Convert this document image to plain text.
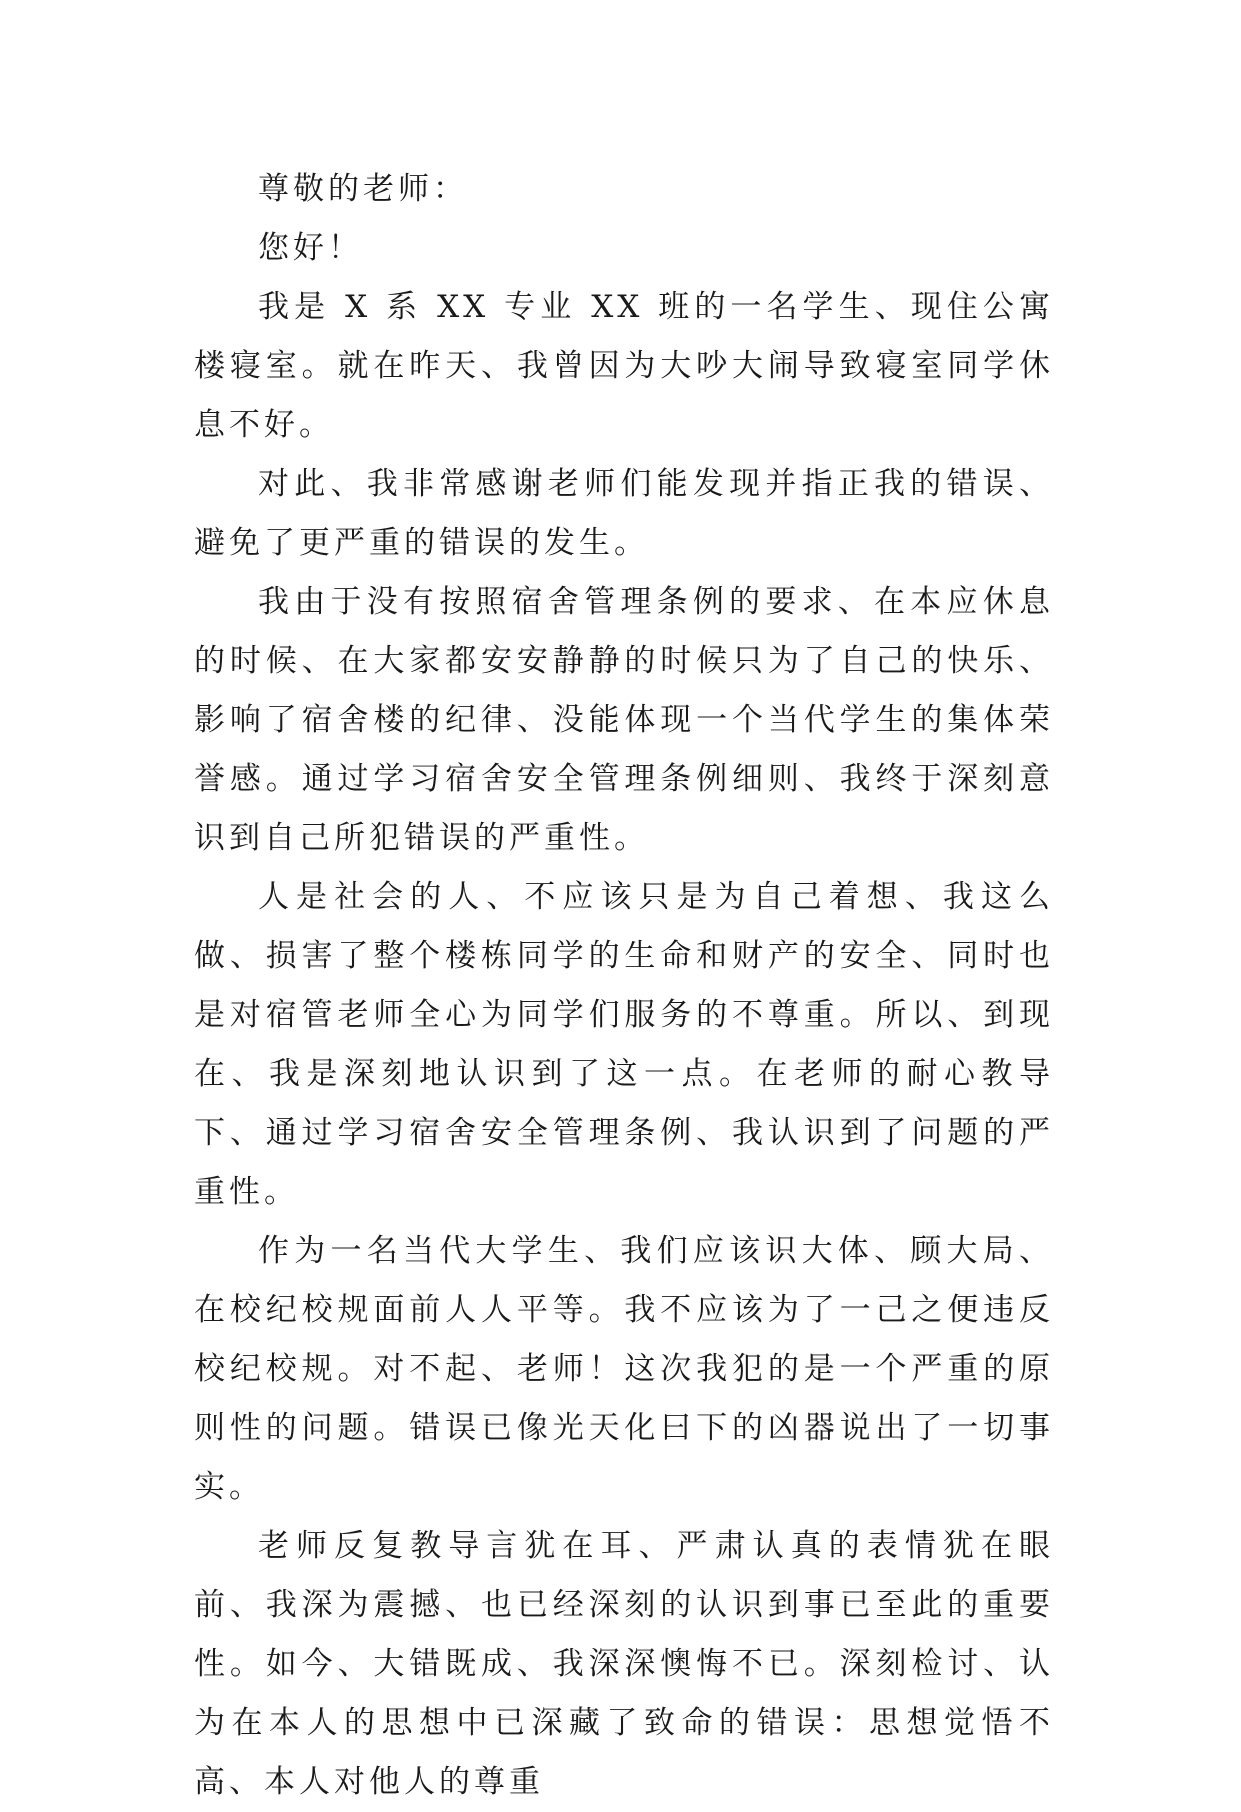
尊敬的老师：

您好！

我是 X 系 XX 专业 XX 班的一名学生、现住公寓楼寝室。就在昨天、我曾因为大吵大闹导致寝室同学休息不好。

对此、我非常感谢老师们能发现并指正我的错误、避免了更严重的错误的发生。

我由于没有按照宿舍管理条例的要求、在本应休息的时候、在大家都安安静静的时候只为了自己的快乐、影响了宿舍楼的纪律、没能体现一个当代学生的集体荣誉感。通过学习宿舍安全管理条例细则、我终于深刻意识到自己所犯错误的严重性。

人是社会的人、不应该只是为自己着想、我这么做、损害了整个楼栋同学的生命和财产的安全、同时也是对宿管老师全心为同学们服务的不尊重。所以、到现在、我是深刻地认识到了这一点。在老师的耐心教导下、通过学习宿舍安全管理条例、我认识到了问题的严重性。

作为一名当代大学生、我们应该识大体、顾大局、在校纪校规面前人人平等。我不应该为了一己之便违反校纪校规。对不起、老师！这次我犯的是一个严重的原则性的问题。错误已像光天化曰下的凶器说出了一切事实。

老师反复教导言犹在耳、严肃认真的表情犹在眼前、我深为震撼、也已经深刻的认识到事已至此的重要性。如今、大错既成、我深深懊悔不已。深刻检讨、认为在本人的思想中已深藏了致命的错误：思想觉悟不高、本人对他人的尊重
